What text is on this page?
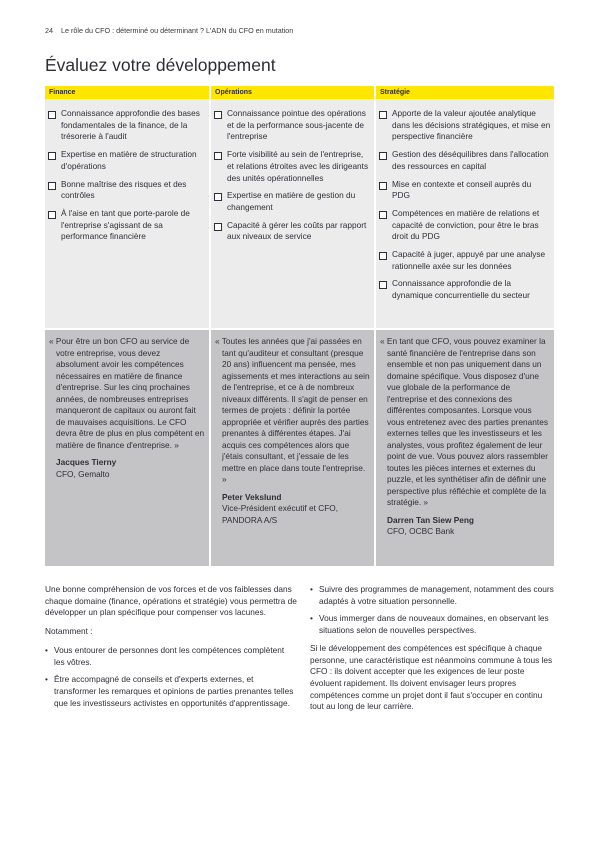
24 Le rôle du CFO : déterminé ou déterminant ? L'ADN du CFO en mutation
Évaluez votre développement
Finance	Opérations	Stratégie
Connaissance approfondie des bases fondamentales de la finance, de la trésorerie à l'audit
Expertise en matière de structuration d'opérations
Bonne maîtrise des risques et des contrôles
À l'aise en tant que porte-parole de l'entreprise s'agissant de sa performance financière
Connaissance pointue des opérations et de la performance sous-jacente de l'entreprise
Forte visibilité au sein de l'entreprise, et relations étroites avec les dirigeants des unités opérationnelles
Expertise en matière de gestion du changement
Capacité à gérer les coûts par rapport aux niveaux de service
Apporte de la valeur ajoutée analytique dans les décisions stratégiques, et mise en perspective financière
Gestion des déséquilibres dans l'allocation des ressources en capital
Mise en contexte et conseil auprès du PDG
Compétences en matière de relations et capacité de conviction, pour être le bras droit du PDG
Capacité à juger, appuyé par une analyse rationnelle axée sur les données
Connaissance approfondie de la dynamique concurrentielle du secteur

« Pour être un bon CFO au service de votre entreprise, vous devez absolument avoir les compétences nécessaires en matière de finance d'entreprise. Sur les cinq prochaines années, de nombreuses entreprises manqueront de capitaux ou auront fait de mauvaises acquisitions. Le CFO devra être de plus en plus compétent en matière de finance d'entreprise. »

Jacques Tierny
CFO, Gemalto

« Toutes les années que j'ai passées en tant qu'auditeur et consultant (presque 20 ans) influencent ma pensée, mes agissements et mes interactions au sein de l'entreprise, et ce à de nombreux niveaux différents. Il s'agit de penser en termes de projets : définir la portée appropriée et vérifier auprès des parties prenantes à différentes étapes. J'ai acquis ces compétences alors que j'étais consultant, et j'essaie de les mettre en place dans toute l'entreprise. »

Peter Vekslund
Vice-Président exécutif et CFO, PANDORA A/S

« En tant que CFO, vous pouvez examiner la santé financière de l'entreprise dans son ensemble et non pas uniquement dans un domaine spécifique. Vous disposez d'une vue globale de la performance de l'entreprise et des connexions des différentes composantes. Lorsque vous vous entretenez avec des parties prenantes externes telles que les investisseurs et les analystes, vous profitez également de leur point de vue. Vous pouvez alors rassembler toutes les pièces internes et externes du puzzle, et les synthétiser afin de définir une perspective plus réfléchie et complète de la stratégie. »

Darren Tan Siew Peng
CFO, OCBC Bank

Une bonne compréhension de vos forces et de vos faiblesses dans chaque domaine (finance, opérations et stratégie) vous permettra de développer un plan spécifique pour compenser vos lacunes.

Notamment :

• Vous entourer de personnes dont les compétences complètent les vôtres.
• Être accompagné de conseils et d'experts externes, et transformer les remarques et opinions de parties prenantes telles que les investisseurs activistes en opportunités d'apprentissage.
• Suivre des programmes de management, notamment des cours adaptés à votre situation personnelle.
• Vous immerger dans de nouveaux domaines, en observant les situations selon de nouvelles perspectives.

Si le développement des compétences est spécifique à chaque personne, une caractéristique est néanmoins commune à tous les CFO : ils doivent accepter que les exigences de leur poste évoluent rapidement. Ils doivent envisager leurs propres compétences comme un projet dont il faut s'occuper en continu tout au long de leur carrière.
